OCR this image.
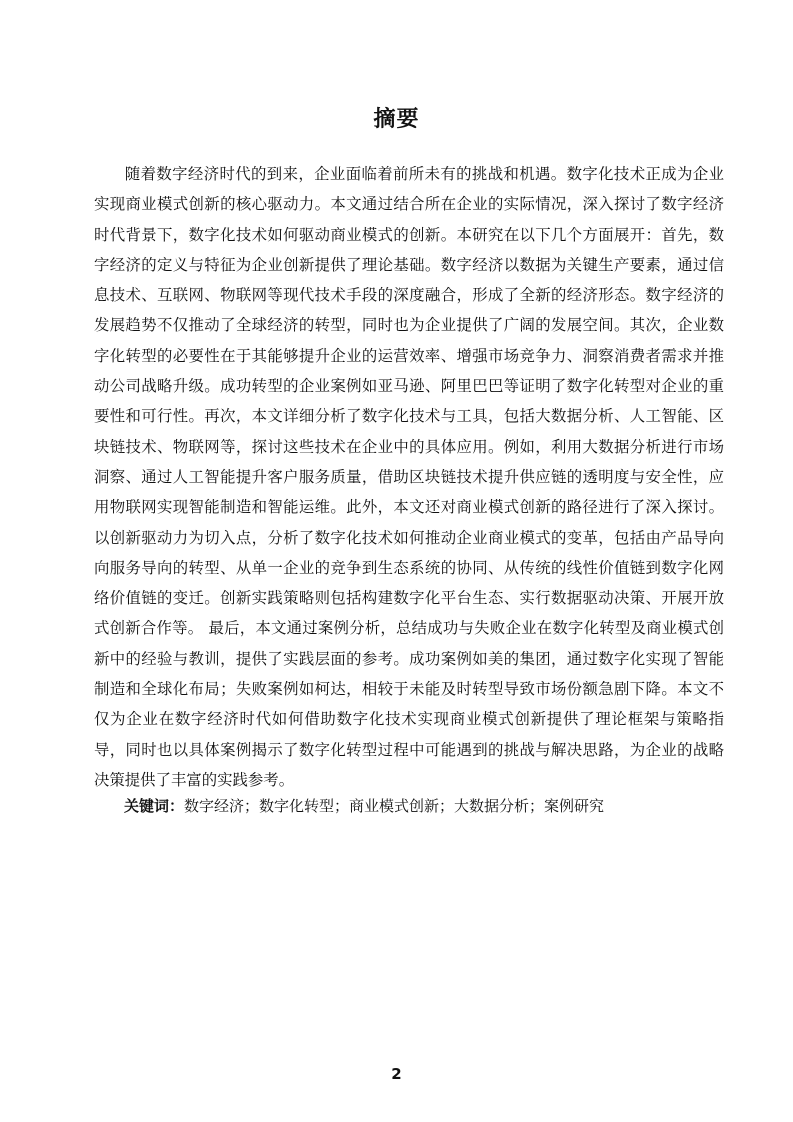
摘要

随着数字经济时代的到来，企业面临着前所未有的挑战和机遇。数字化技术正成为企业实现商业模式创新的核心驱动力。本文通过结合所在企业的实际情况，深入探讨了数字经济时代背景下，数字化技术如何驱动商业模式的创新。本研究在以下几个方面展开：首先，数字经济的定义与特征为企业创新提供了理论基础。数字经济以数据为关键生产要素，通过信息技术、互联网、物联网等现代技术手段的深度融合，形成了全新的经济形态。数字经济的发展趋势不仅推动了全球经济的转型，同时也为企业提供了广阔的发展空间。其次，企业数字化转型的必要性在于其能够提升企业的运营效率、增强市场竞争力、洞察消费者需求并推动公司战略升级。成功转型的企业案例如亚马逊、阿里巴巴等证明了数字化转型对企业的重要性和可行性。再次，本文详细分析了数字化技术与工具，包括大数据分析、人工智能、区块链技术、物联网等，探讨这些技术在企业中的具体应用。例如，利用大数据分析进行市场洞察、通过人工智能提升客户服务质量，借助区块链技术提升供应链的透明度与安全性，应用物联网实现智能制造和智能运维。此外，本文还对商业模式创新的路径进行了深入探讨。以创新驱动力为切入点，分析了数字化技术如何推动企业商业模式的变革，包括由产品导向向服务导向的转型、从单一企业的竞争到生态系统的协同、从传统的线性价值链到数字化网络价值链的变迁。创新实践策略则包括构建数字化平台生态、实行数据驱动决策、开展开放式创新合作等。 最后，本文通过案例分析，总结成功与失败企业在数字化转型及商业模式创新中的经验与教训，提供了实践层面的参考。成功案例如美的集团，通过数字化实现了智能制造和全球化布局；失败案例如柯达，相较于未能及时转型导致市场份额急剧下降。本文不仅为企业在数字经济时代如何借助数字化技术实现商业模式创新提供了理论框架与策略指导，同时也以具体案例揭示了数字化转型过程中可能遇到的挑战与解决思路，为企业的战略决策提供了丰富的实践参考。

关键词：数字经济；数字化转型；商业模式创新；大数据分析；案例研究

2
